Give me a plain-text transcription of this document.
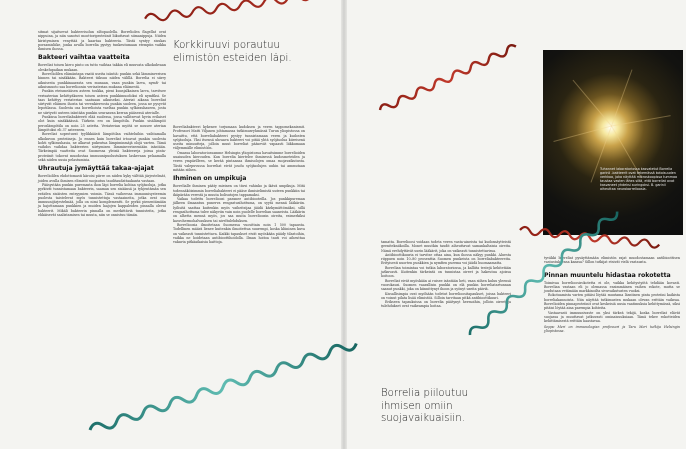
sitmat sijaitsevat bakteerisolun siltopaolella. Borreliolen flagellat ovat nippuina, ja niin sanotut moottoriproteiinit liikuttavat siimanippuja. Niiden kiristyminen venyttää ja kaartaa bakteeria. Tästä syntyy sisukas porsamisliike, jonka avulla borrelia pystyy tunkeutumaan etempiin vaikka ihmisen ihossa.

Bakteeri vaihtaa vaatteita

Borreliat toisen kiero pinto on tutto vaihtaa takkia eli muuvata ulkokuhvaan oleskelupaikan mukaan.

Borreliolilen elämäntapa vaatii useita isäntiä: punkin sekä lämminverisen hinnen tai nisäkkään. Bakteeri tiiksuu niiden välillä. Borrelia ei siirry aikuisesta punkkinaarasta sen munaan, vaan punkin larva, nymfi- tai aikuismuoto saa borrelioosin verisaterian mukana eläimestä.

Punkin eteismeääsen asteen toukka, pieni kuusjalkainen larva, tarvitsee verisaterian kehittyäkseen toisen asteen punkkimuodoksi eli nymfiksi. Se taas kehittyy veriaterian saatuaan aikuiseksi. Ateriat aikana borreliat siirtyvät eläimen ihosta tai verenkierrosta punkin suoleen, jossa ne pysyvät lepotilassa. Suolesta osa borrelioista vaeltaa punkin sylkirauhaseen, josta ne siirtyvät uuteen isäntään punkin seuraavan kerran pääsessä aterialle.

Punkissa borreliabakteerit elää suolessa, jossa vallitsevat hyvin erilaiset olot kuin nisäkkäässä. Tärkein ero on lämpötila. Punkin sisälämpöö peroslämpötila on noin 25 astetta. Veriaterian myötä se nousee aterian lämpötoksi eli 37 asteeseen.

Borreliat soprotuvat tyylikkäästi lämpötilan vaihteluihin vaihtamalla ulkokuvon proteiineja. Jo ennen kuin borreliat irtoavat punkin suolesta kohti sylkirauhasia, ne alkavat pukeutua lämpiminmäjä olojä varten. Tämä vaihdos vaihdaa bakteerien siirtymisen lämminveriseeniään isäntään. Tärkeimpiä vaatteita ovat Suomessa yleisiä bakteereja joissa pinta-proteiinit tokovat muodostaa immuunipuolustuksen laskevaan pelaamalla sekä niiden uusia pelastumisia.

Uhrautuja jymäyttää takaa-ajajat

Borreliolilen ehdottomasti käroisi piirre on niiden kyky välttää järjestelmät, joiden avulla ihmisen elimistö suojautuu tauditaudattaakanta vastaan.

Pääsystään punkin puremasta ihon läpi borrelia kohtaa syöjäsoluja, jotka pyrkivät tunnistamaan bakteerin, saaman sen sisäänsä ja tyhjentämän sen eräiden sisäisten entsyymien voimin. Tässä vaiheessa immuunisysteemin puolesta taistelevat myös tunnistettuja vastaaineita, jotka ovat osa immuunijärjestelmää, jolla on nimi komplementti. Se pyrkii pienentämään ja hajottamaan punkkien ja muiden laajojen kappaleiden pinnalla olevat bakteerit. Mikäli bakteerin pinnalla on merkittäviä tunnisteita, jotka ehkäisevät saalistamisen tai muuta, niin se onnistuu tämän.

Korkkiruuvi porautuu elimistön esteiden läpi.

Borreliabakteeri kykenee torjumaan kudoksen ja veren tappomekanismit. Professori Matti Viljanen johtamassa tutkimusryhmässä Turun yliopistossa on havaittu, että borreliabakteeri pystyy tunnistamaan veren ja kudosten syöjäsoluja. Yksi itsensä uhraava bakteeri voi pitää yhtä syöjäsolua kiireisenä useita minuutteja, jolloin muut borreliat pääsevät vapaasti liikkumaan väljemmälle elimistöön.

Omassa laboratoriossamme Helsingin yliopistossa havaitsimme borrelioiden uuaiuuden kierouden. Kun borrelia kiertelee ihmisessä kudosmeteiden ja veren ympärilleen, se kerää pintaansa ihmisolojen omaa suojavaikutusta. Tästä valepuvussa borreliat eivät joudu syöjäsolujen uuhin tai ammutaan mitään siihen.

Ihminen on umpikuja

Borrelialle ihminen pääty mieinen on tävsi vahinko ja ikävä umpikuja. Mitä todennäköisimmin borreliabakteeri ei pääse ihmisielimistä uuteen punkkiin tai ikäpärään verestä ja muuta bolisutojen tappamaksi.

Vaikaa todettu borrelioosi paranee antibiooteilla. Jos punkkipureman jälkeen ilmaantuu punerva rengastusihottuma, on syytä mennä lääkäriin. Iyilisitä saattaa kuitenkin myös vaiheitsijaa jäädä kärkymättömäksi, sillä rengasihottuma tulee näkyviin vain noin puolelle borrelian saaneista. Lääkärin on alhetta mennä myös, jos saa muita borrelioosin oireita, esimerkiksi kasvohermohalvauksen tai niveltulehduksen.

Borrelioosia ilmoitetaan Suomessa vuosittain noin 1 500 tapausta. Todellinen määrä lienee kuitenkin ilmoitettua suurempi, koska kliininen kuva on vaikeasti tunnistettava. Kaikki tapaukset eivät myöskään päädy tilastoihin, vaikka ne hoidetaan antibioottihoidolla. Ilman hoitoa tauti voi aiheuttaa vakavia pitkäaikaisia haittoja.	tamatta. Borrelioosi voidaan todeta veren vasta-aineista tai kudosnäytteistä geenitekniikoilla. Monet muutkin taudit aiheuttavat samankaltaisia oireita. Nämä erehdyttävät usein lääkärit, joka on vaikeasti tunnistettavissa.

Antibioottikuuria ei tarvitse ottaa aina, kun ihossa näkyy punkki. Aluesta riippuen noin 10–80 prosenttia Suomen punkeista on borreliabakteereita. Erityisesti nuorten punkkien ja nymfien purema voi jäädä huomaamatta.

Borrelian toimintaa voi tutkia laboratoriossa, ja kalliita testejä kehitetään jatkuvasti. Kuitenkin tärkeintä on tunnistaa oireet ja hakeutua ajoissa hoitoon.

Borreliat eivät myöskään ai ruisee isäntään heti, vaan siihen kuluu yleensä vuorokausi. Suomen vaarallisin punkki on elä punkin borreliatartunnan saanut punkki, joka on kiinnittynyt ihoon ja syönyt useita päiviä.

Kissallisimpia ovat myöhään todetut borrelioositapaukset, joissa bakteeri on voinut pilata lisää elimistöä. Silloin tarvitaan pitkä antibioottikuuri.

Erikseen tapauksissa on borrelia päätynyt hermoihin, jolloin oireet ja tulehdukset ovat vaikeampia hoitaa.

Borrelia piiloutuu ihmisen omiin suojavaikuaisiin.
Tuhannet laboratoriossa kasvatetut Borrelia garinii -bakteerit ovat tekemässä kotoisuuden verkkoa, joka näyttää mikroskoopissa tummaa taustaa vasten lähes siltä, että borreliat ovat kasvaneet yhdeksi auringoksi. B. garinii aiheuttaa neuroborrelioosia.

tyväkki borreliat pysäyttämään elimistön rajat muodostamaan antibioottisen vastustuksensa kanssa? Sillon tutkijat etsivät vielä vastausta.

Pinnan muuntelu hidastaa rokotetta

Toimivaa borrelioosirokotetta ei ole, vaikka kehitystyötä tehdään kovasti. Borrelian vastaan eli jo olemassa ensimmäinen vaihen rokote, mutta se joudutaan vetämään markkinoilta sivuvaikutusten vuoksi.

Rokotuamista varten pitäisi löytää muutama läsntinen pinta proteiini kaikista borreliakannoista. Niin näyttää tutkimusten mukaan olevan erittäin vaikeaa. Borrelioiden pinnaproteiinit ovat keskeisiä uusia vaatimuksia kehittymässä, siksi pitäisi löytää aina parempia kohteita.

Vastaavasti immuunivaste on yksi tärkeä tekijä, koska borreliat elävät suojassa ja muuttavat jatkuvasti ominaisuuksiaan. Tämä tekee rokotteiden kehittämisestä erittäin haastavaa.

Seppo Meri on immunologian professori ja Taru Meri tutkija Helsingin yliopistossa.
